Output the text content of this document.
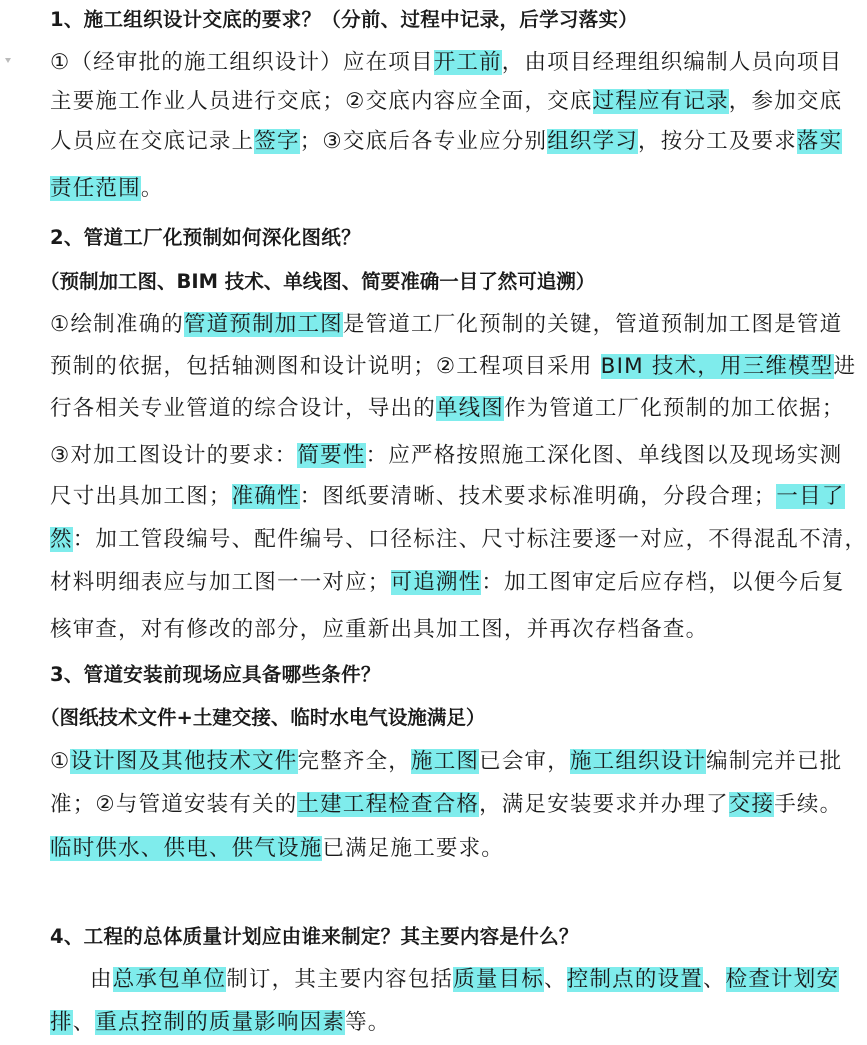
1、施工组织设计交底的要求？（分前、过程中记录，后学习落实）
①（经审批的施工组织设计）应在项目开工前，由项目经理组织编制人员向项目
主要施工作业人员进行交底；②交底内容应全面，交底过程应有记录，参加交底
人员应在交底记录上签字；③交底后各专业应分别组织学习，按分工及要求落实
责任范围。
2、管道工厂化预制如何深化图纸？
（预制加工图、BIM 技术、单线图、简要准确一目了然可追溯）
①绘制准确的管道预制加工图是管道工厂化预制的关键，管道预制加工图是管道
预制的依据，包括轴测图和设计说明；②工程项目采用 BIM 技术，用三维模型进
行各相关专业管道的综合设计，导出的单线图作为管道工厂化预制的加工依据；
③对加工图设计的要求：简要性：应严格按照施工深化图、单线图以及现场实测
尺寸出具加工图；准确性：图纸要清晰、技术要求标准明确，分段合理；一目了
然：加工管段编号、配件编号、口径标注、尺寸标注要逐一对应，不得混乱不清，
材料明细表应与加工图一一对应；可追溯性：加工图审定后应存档，以便今后复
核审查，对有修改的部分，应重新出具加工图，并再次存档备查。
3、管道安装前现场应具备哪些条件？
（图纸技术文件+土建交接、临时水电气设施满足）
①设计图及其他技术文件完整齐全，施工图已会审，施工组织设计编制完并已批
准；②与管道安装有关的土建工程检查合格，满足安装要求并办理了交接手续。
临时供水、供电、供气设施已满足施工要求。
4、工程的总体质量计划应由谁来制定？其主要内容是什么？
由总承包单位制订，其主要内容包括质量目标、控制点的设置、检查计划安
排、重点控制的质量影响因素等。
